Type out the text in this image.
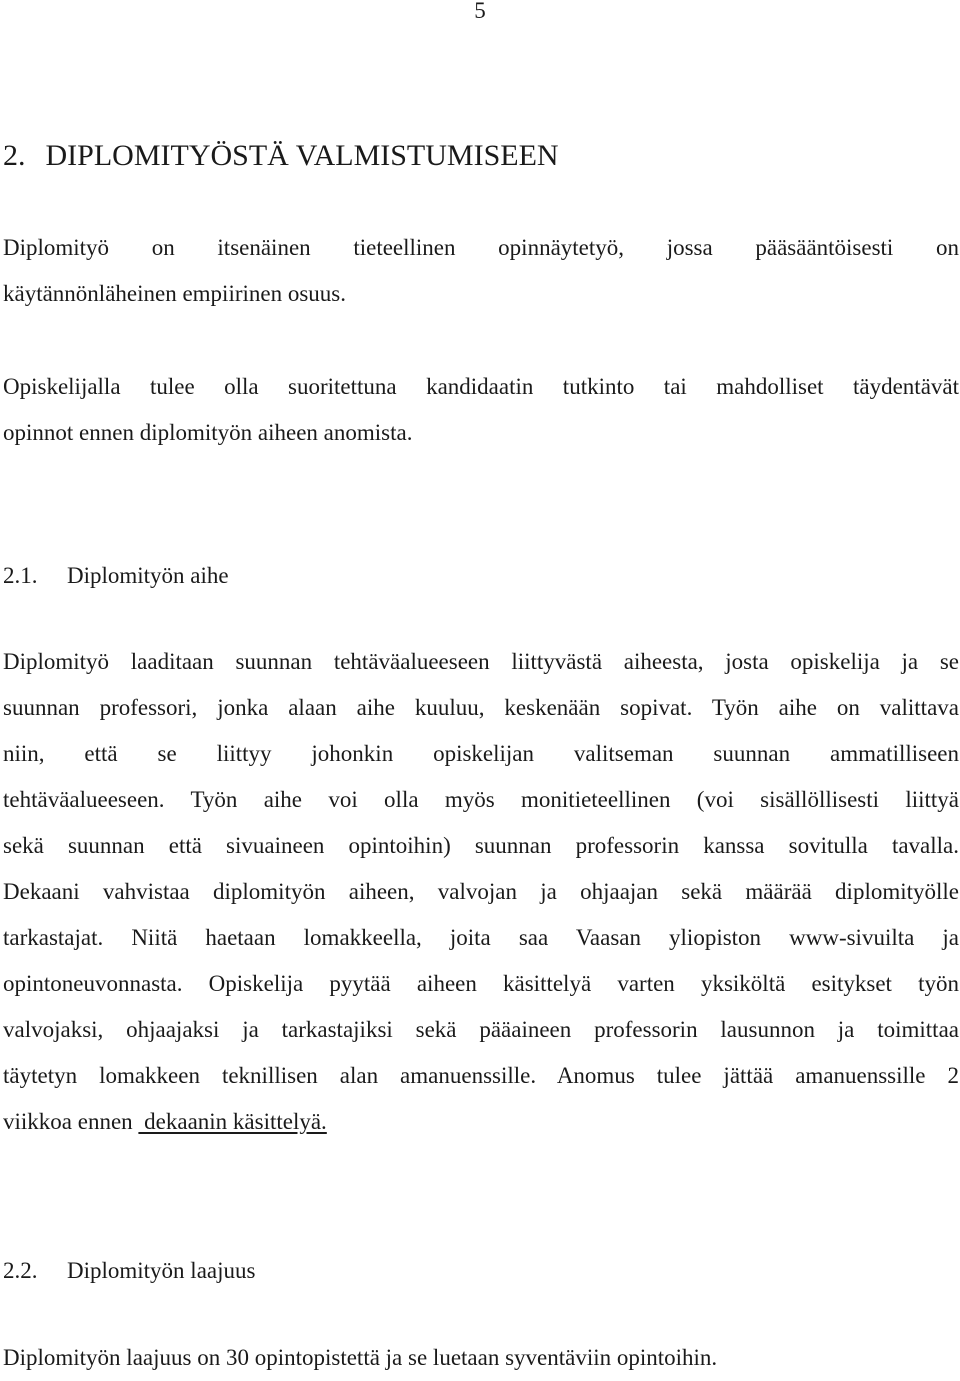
5
2. DIPLOMITYÖSTÄ VALMISTUMISEEN

Diplomityö on itsenäinen tieteellinen opinnäytetyö, jossa pääsääntöisesti on
käytännönläheinen empiirinen osuus.

Opiskelijalla tulee olla suoritettuna kandidaatin tutkinto tai mahdolliset täydentävät
opinnot ennen diplomityön aiheen anomista.

2.1. Diplomityön aihe

Diplomityö laaditaan suunnan tehtäväalueeseen liittyvästä aiheesta, josta opiskelija ja se
suunnan professori, jonka alaan aihe kuuluu, keskenään sopivat. Työn aihe on valittava
niin, että se liittyy johonkin opiskelijan valitseman suunnan ammatilliseen
tehtäväalueeseen. Työn aihe voi olla myös monitieteellinen (voi sisällöllisesti liittyä
sekä suunnan että sivuaineen opintoihin) suunnan professorin kanssa sovitulla tavalla.
Dekaani vahvistaa diplomityön aiheen, valvojan ja ohjaajan sekä määrää diplomityölle
tarkastajat. Niitä haetaan lomakkeella, joita saa Vaasan yliopiston www-sivuilta ja
opintoneuvonnasta. Opiskelija pyytää aiheen käsittelyä varten yksiköltä esitykset työn
valvojaksi, ohjaajaksi ja tarkastajiksi sekä pääaineen professorin lausunnon ja toimittaa
täytetyn lomakkeen teknillisen alan amanuenssille. Anomus tulee jättää amanuenssille 2
viikkoa ennen  dekaanin käsittelyä.

2.2. Diplomityön laajuus

Diplomityön laajuus on 30 opintopistettä ja se luetaan syventäviin opintoihin.
